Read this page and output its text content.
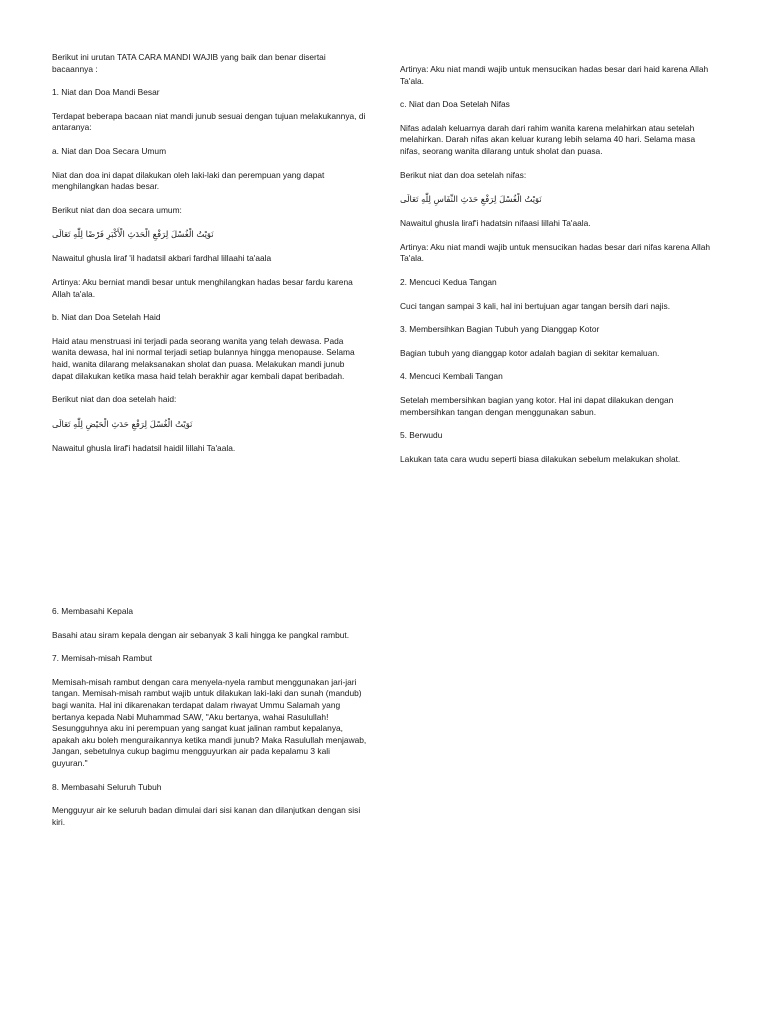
Berikut ini urutan TATA CARA MANDI WAJIB yang baik dan benar disertai bacaannya :

1. Niat dan Doa Mandi Besar

Terdapat beberapa bacaan niat mandi junub sesuai dengan tujuan melakukannya, di antaranya:

a. Niat dan Doa Secara Umum

Niat dan doa ini dapat dilakukan oleh laki-laki dan perempuan yang dapat menghilangkan hadas besar.

Berikut niat dan doa secara umum:

نَوَيْتُ الْغُسْلَ لِرَفْعِ الْحَدَثِ الْأَكْبَرِ فَرْضًا لِلّٰهِ تَعَالَى

Nawaitul ghusla liraf 'il hadatsil akbari fardhal lillaahi ta'aala

Artinya: Aku berniat mandi besar untuk menghilangkan hadas besar fardu karena Allah ta'ala.

b. Niat dan Doa Setelah Haid

Haid atau menstruasi ini terjadi pada seorang wanita yang telah dewasa. Pada wanita dewasa, hal ini normal terjadi setiap bulannya hingga menopause. Selama haid, wanita dilarang melaksanakan sholat dan puasa. Melakukan mandi junub dapat dilakukan ketika masa haid telah berakhir agar kembali dapat beribadah.

Berikut niat dan doa setelah haid:

نَوَيْتُ الْغُسْلَ لِرَفْعِ حَدَثِ الْحَيْضِ لِلّٰهِ تَعَالَى

Nawaitul ghusla liraf'i hadatsil haidil lillahi Ta'aala.

Artinya: Aku niat mandi wajib untuk mensucikan hadas besar dari haid karena Allah Ta'ala.

c. Niat dan Doa Setelah Nifas

Nifas adalah keluarnya darah dari rahim wanita karena melahirkan atau setelah melahirkan. Darah nifas akan keluar kurang lebih selama 40 hari. Selama masa nifas, seorang wanita dilarang untuk sholat dan puasa.

Berikut niat dan doa setelah nifas:

نَوَيْتُ الْغُسْلَ لِرَفْعِ حَدَثِ النِّفَاسِ لِلّٰهِ تَعَالَى

Nawaitul ghusla liraf'i hadatsin nifaasi lillahi Ta'aala.

Artinya: Aku niat mandi wajib untuk mensucikan hadas besar dari nifas karena Allah Ta'ala.

2. Mencuci Kedua Tangan

Cuci tangan sampai 3 kali, hal ini bertujuan agar tangan bersih dari najis.

3. Membersihkan Bagian Tubuh yang Dianggap Kotor

Bagian tubuh yang dianggap kotor adalah bagian di sekitar kemaluan.

4. Mencuci Kembali Tangan

Setelah membersihkan bagian yang kotor. Hal ini dapat dilakukan dengan membersihkan tangan dengan menggunakan sabun.

5. Berwudu

Lakukan tata cara wudu seperti biasa dilakukan sebelum melakukan sholat.

6. Membasahi Kepala

Basahi atau siram kepala dengan air sebanyak 3 kali hingga ke pangkal rambut.

7. Memisah-misah Rambut

Memisah-misah rambut dengan cara menyela-nyela rambut menggunakan jari-jari tangan. Memisah-misah rambut wajib untuk dilakukan laki-laki dan sunah (mandub) bagi wanita. Hal ini dikarenakan terdapat dalam riwayat Ummu Salamah yang bertanya kepada Nabi Muhammad SAW, "Aku bertanya, wahai Rasulullah! Sesungguhnya aku ini perempuan yang sangat kuat jalinan rambut kepalanya, apakah aku boleh menguraikannya ketika mandi junub? Maka Rasulullah menjawab, Jangan, sebetulnya cukup bagimu mengguyurkan air pada kepalamu 3 kali guyuran."

8. Membasahi Seluruh Tubuh

Mengguyur air ke seluruh badan dimulai dari sisi kanan dan dilanjutkan dengan sisi kiri.
